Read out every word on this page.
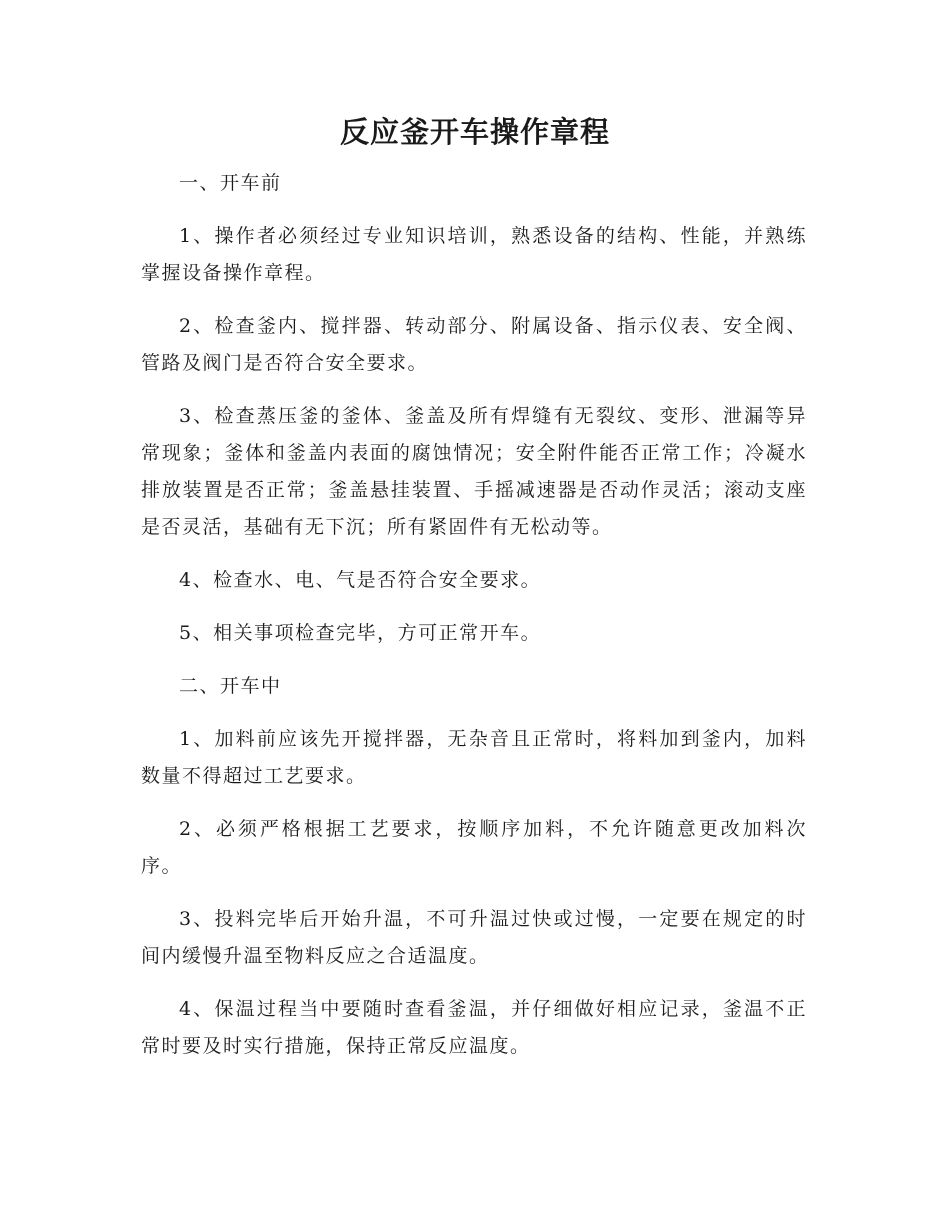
反应釜开车操作章程

一、开车前

1、操作者必须经过专业知识培训，熟悉设备的结构、性能，并熟练掌握设备操作章程。

2、检查釜内、搅拌器、转动部分、附属设备、指示仪表、安全阀、管路及阀门是否符合安全要求。

3、检查蒸压釜的釜体、釜盖及所有焊缝有无裂纹、变形、泄漏等异常现象；釜体和釜盖内表面的腐蚀情况；安全附件能否正常工作；冷凝水排放装置是否正常；釜盖悬挂装置、手摇减速器是否动作灵活；滚动支座是否灵活，基础有无下沉；所有紧固件有无松动等。

4、检查水、电、气是否符合安全要求。

5、相关事项检查完毕，方可正常开车。

二、开车中

1、加料前应该先开搅拌器，无杂音且正常时，将料加到釜内，加料数量不得超过工艺要求。

2、必须严格根据工艺要求，按顺序加料，不允许随意更改加料次序。

3、投料完毕后开始升温，不可升温过快或过慢，一定要在规定的时间内缓慢升温至物料反应之合适温度。

4、保温过程当中要随时查看釜温，并仔细做好相应记录，釜温不正常时要及时实行措施，保持正常反应温度。
